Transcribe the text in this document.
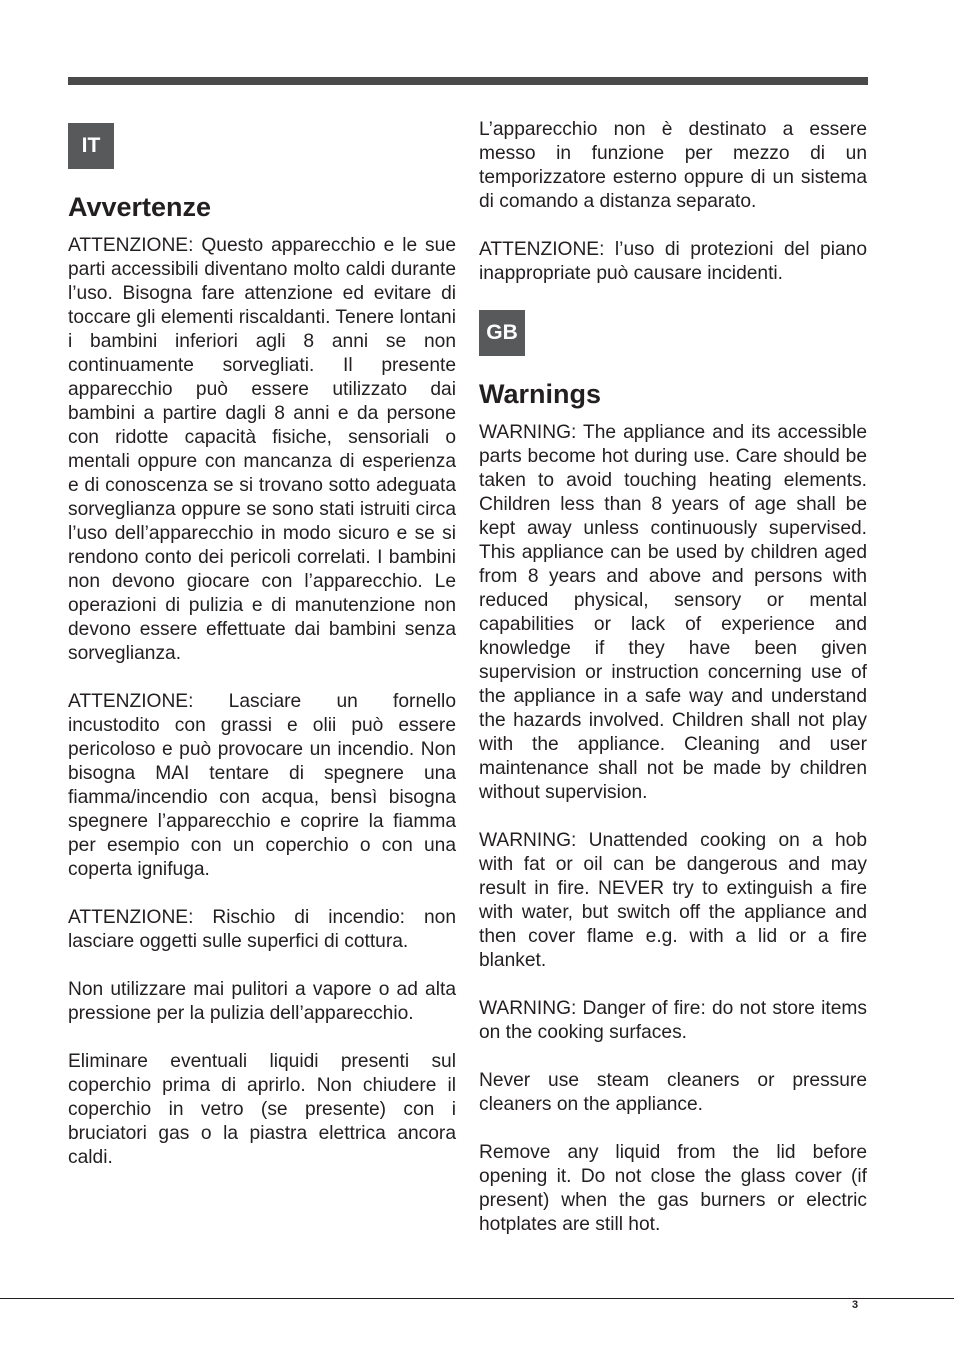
IT
Avvertenze

ATTENZIONE: Questo apparecchio e le sue parti accessibili diventano molto caldi durante l’uso. Bisogna fare attenzione ed evitare di toccare gli elementi riscaldanti. Tenere lontani i bambini inferiori agli 8 anni se non continuamente sorvegliati. Il presente apparecchio può essere utilizzato dai bambini a partire dagli 8 anni e da persone con ridotte capacità fisiche, sensoriali o mentali oppure con mancanza di esperienza e di conoscenza se si trovano sotto adeguata sorveglianza oppure se sono stati istruiti circa l’uso dell’apparecchio in modo sicuro e se si rendono conto dei pericoli correlati. I bambini non devono giocare con l’apparecchio. Le operazioni di pulizia e di manutenzione non devono essere effettuate dai bambini senza sorveglianza.

ATTENZIONE: Lasciare un fornello incustodito con grassi e olii può essere pericoloso e può provocare un incendio. Non bisogna MAI tentare di spegnere una fiamma/incendio con acqua, bensì bisogna spegnere l’apparecchio e coprire la fiamma per esempio con un coperchio o con una coperta ignifuga.

ATTENZIONE: Rischio di incendio: non lasciare oggetti sulle superfici di cottura.

Non utilizzare mai pulitori a vapore o ad alta pressione per la pulizia dell’apparecchio.

Eliminare eventuali liquidi presenti sul coperchio prima di aprirlo. Non chiudere il coperchio in vetro (se presente) con i bruciatori gas o la piastra elettrica ancora caldi.

L’apparecchio non è destinato a essere messo in funzione per mezzo di un temporizzatore esterno oppure di un sistema di comando a distanza separato.

ATTENZIONE: l’uso di protezioni del piano inappropriate può causare incidenti.

GB
Warnings

WARNING: The appliance and its accessible parts become hot during use. Care should be taken to avoid touching heating elements. Children less than 8 years of age shall be kept away unless continuously supervised. This appliance can be used by children aged from 8 years and above and persons with reduced physical, sensory or mental capabilities or lack of experience and knowledge if they have been given supervision or instruction concerning use of the appliance in a safe way and understand the hazards involved. Children shall not play with the appliance. Cleaning and user maintenance shall not be made by children without supervision.

WARNING: Unattended cooking on a hob with fat or oil can be dangerous and may result in fire. NEVER try to extinguish a fire with water, but switch off the appliance and then cover flame e.g. with a lid or a fire blanket.

WARNING: Danger of fire: do not store items on the cooking surfaces.

Never use steam cleaners or pressure cleaners on the appliance.

Remove any liquid from the lid before opening it. Do not close the glass cover (if present) when the gas burners or electric hotplates are still hot.

3
